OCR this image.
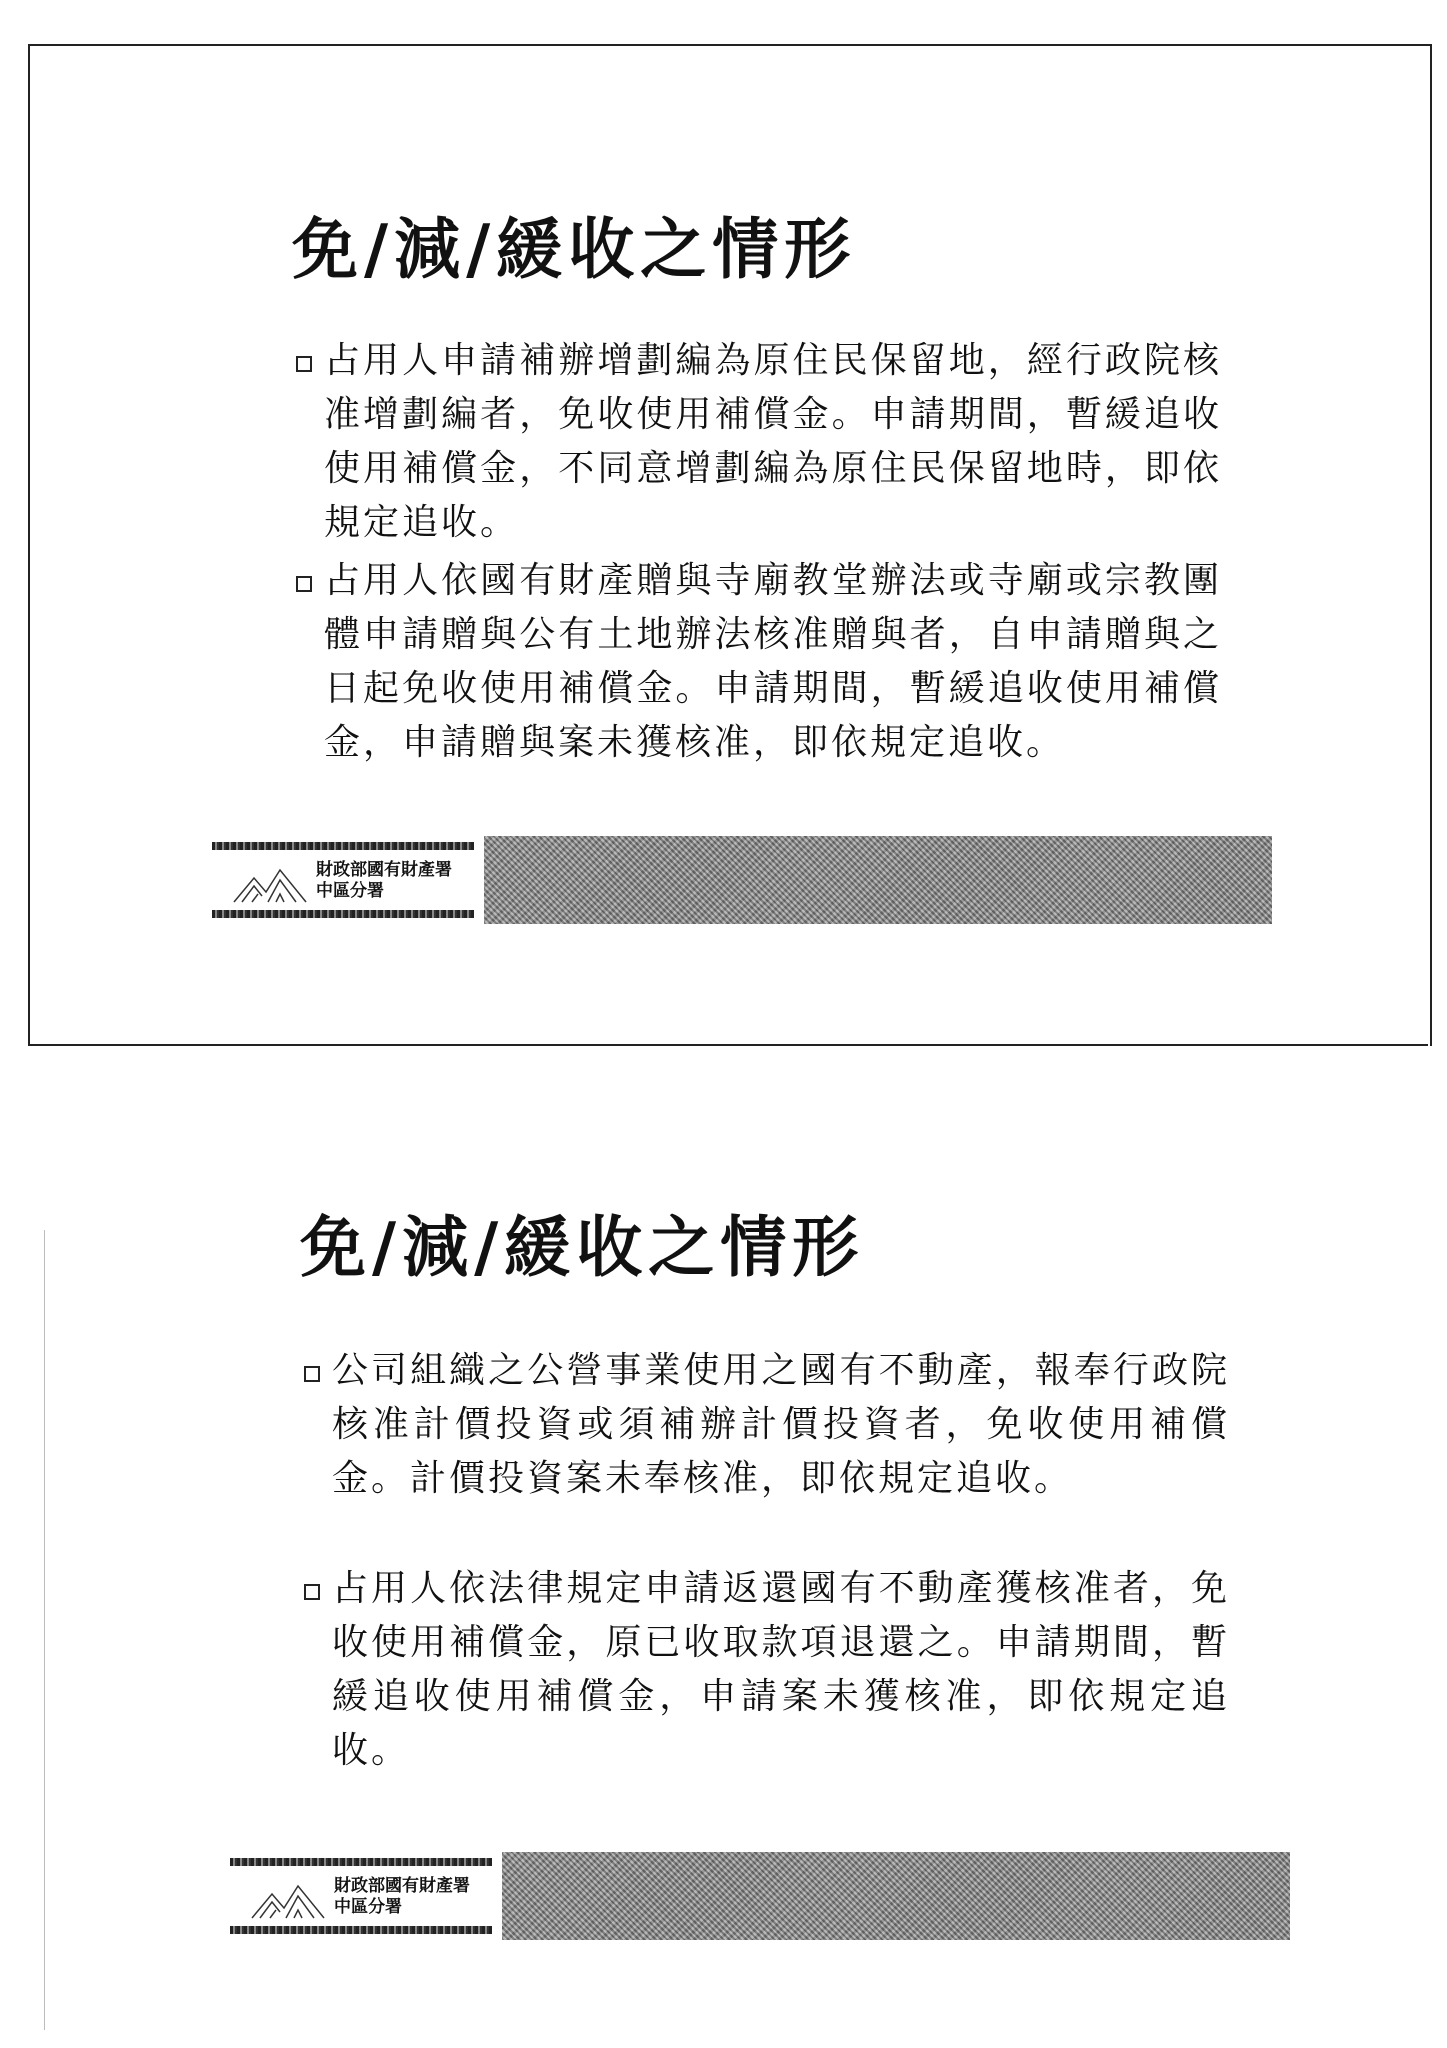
免/減/緩收之情形
占用人申請補辦增劃編為原住民保留地，經行政院核准增劃編者，免收使用補償金。申請期間，暫緩追收使用補償金，不同意增劃編為原住民保留地時，即依規定追收。
占用人依國有財產贈與寺廟教堂辦法或寺廟或宗教團體申請贈與公有土地辦法核准贈與者，自申請贈與之日起免收使用補償金。申請期間，暫緩追收使用補償金，申請贈與案未獲核准，即依規定追收。
財政部國有財產署
中區分署
免/減/緩收之情形
公司組織之公營事業使用之國有不動產，報奉行政院核准計價投資或須補辦計價投資者，免收使用補償金。計價投資案未奉核准，即依規定追收。
占用人依法律規定申請返還國有不動產獲核准者，免收使用補償金，原已收取款項退還之。申請期間，暫緩追收使用補償金，申請案未獲核准，即依規定追收。
財政部國有財產署
中區分署
